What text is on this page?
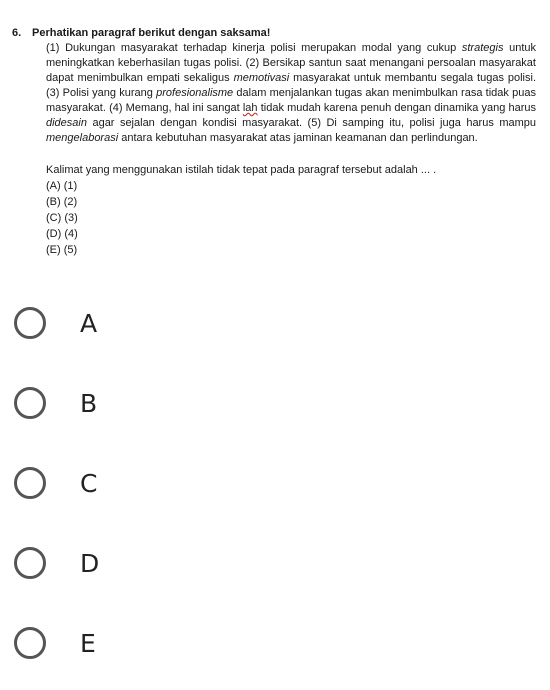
6. Perhatikan paragraf berikut dengan saksama!

(1) Dukungan masyarakat terhadap kinerja polisi merupakan modal yang cukup strategis untuk meningkatkan keberhasilan tugas polisi. (2) Bersikap santun saat menangani persoalan masyarakat dapat menimbulkan empati sekaligus memotivasi masyarakat untuk membantu segala tugas polisi. (3) Polisi yang kurang profesionalisme dalam menjalankan tugas akan menimbulkan rasa tidak puas masyarakat. (4) Memang, hal ini sangat lah tidak mudah karena penuh dengan dinamika yang harus didesain agar sejalan dengan kondisi masyarakat. (5) Di samping itu, polisi juga harus mampu mengelaborasi antara kebutuhan masyarakat atas jaminan keamanan dan perlindungan.

Kalimat yang menggunakan istilah tidak tepat pada paragraf tersebut adalah ... .
(A) (1)
(B) (2)
(C) (3)
(D) (4)
(E) (5)
A
B
C
D
E
